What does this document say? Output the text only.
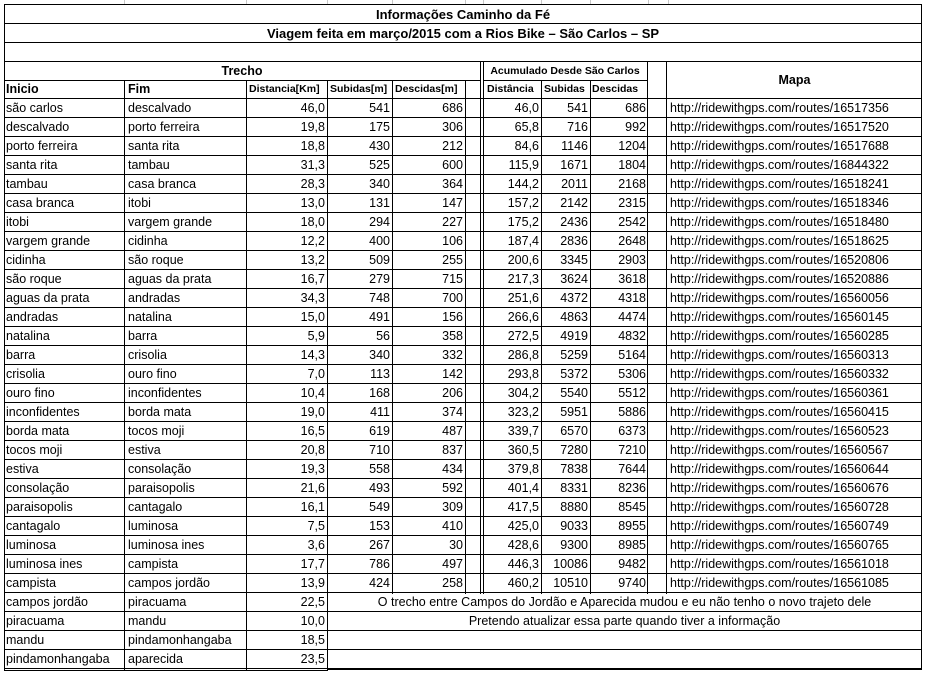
Informações Caminho da Fé
Viagem feita em março/2015 com a Rios Bike – São Carlos – SP
Trecho	Acumulado Desde São Carlos
Mapa
Inicio	Fim	Distancia[Km] Subidas[m] Descidas[m]	Distância Subidas Descidas
são carlos	descalvado	46,0	541	686	46,0	541	686 http://ridewithgps.com/routes/16517356
descalvado	porto ferreira	19,8	175	306	65,8	716	992 http://ridewithgps.com/routes/16517520
porto ferreira	santa rita	18,8	430	212	84,6	1146	1204 http://ridewithgps.com/routes/16517688
santa rita	tambau	31,3	525	600	115,9	1671	1804 http://ridewithgps.com/routes/16844322
tambau	casa branca	28,3	340	364	144,2	2011	2168 http://ridewithgps.com/routes/16518241
casa branca	itobi	13,0	131	147	157,2	2142	2315 http://ridewithgps.com/routes/16518346
itobi	vargem grande	18,0	294	227	175,2	2436	2542 http://ridewithgps.com/routes/16518480
vargem grande	cidinha	12,2	400	106	187,4	2836	2648 http://ridewithgps.com/routes/16518625
cidinha	são roque	13,2	509	255	200,6	3345	2903 http://ridewithgps.com/routes/16520806
são roque	aguas da prata	16,7	279	715	217,3	3624	3618 http://ridewithgps.com/routes/16520886
aguas da prata	andradas	34,3	748	700	251,6	4372	4318 http://ridewithgps.com/routes/16560056
andradas	natalina	15,0	491	156	266,6	4863	4474 http://ridewithgps.com/routes/16560145
natalina	barra	5,9	56	358	272,5	4919	4832 http://ridewithgps.com/routes/16560285
barra	crisolia	14,3	340	332	286,8	5259	5164 http://ridewithgps.com/routes/16560313
crisolia	ouro fino	7,0	113	142	293,8	5372	5306 http://ridewithgps.com/routes/16560332
ouro fino	inconfidentes	10,4	168	206	304,2	5540	5512 http://ridewithgps.com/routes/16560361
inconfidentes	borda mata	19,0	411	374	323,2	5951	5886 http://ridewithgps.com/routes/16560415
borda mata	tocos moji	16,5	619	487	339,7	6570	6373 http://ridewithgps.com/routes/16560523
tocos moji	estiva	20,8	710	837	360,5	7280	7210 http://ridewithgps.com/routes/16560567
estiva	consolação	19,3	558	434	379,8	7838	7644 http://ridewithgps.com/routes/16560644
consolação	paraisopolis	21,6	493	592	401,4	8331	8236 http://ridewithgps.com/routes/16560676
paraisopolis	cantagalo	16,1	549	309	417,5	8880	8545 http://ridewithgps.com/routes/16560728
cantagalo	luminosa	7,5	153	410	425,0	9033	8955 http://ridewithgps.com/routes/16560749
luminosa	luminosa ines	3,6	267	30	428,6	9300	8985 http://ridewithgps.com/routes/16560765
luminosa ines	campista	17,7	786	497	446,3	10086	9482 http://ridewithgps.com/routes/16561018
campista	campos jordão	13,9	424	258	460,2	10510	9740 http://ridewithgps.com/routes/16561085
campos jordão	piracuama	22,5
piracuama	mandu	10,0
mandu	pindamonhangaba	18,5
pindamonhangaba	aparecida	23,5
O trecho entre Campos do Jordão e Aparecida mudou e eu não tenho o novo trajeto dele
Pretendo atualizar essa parte quando tiver a informação
